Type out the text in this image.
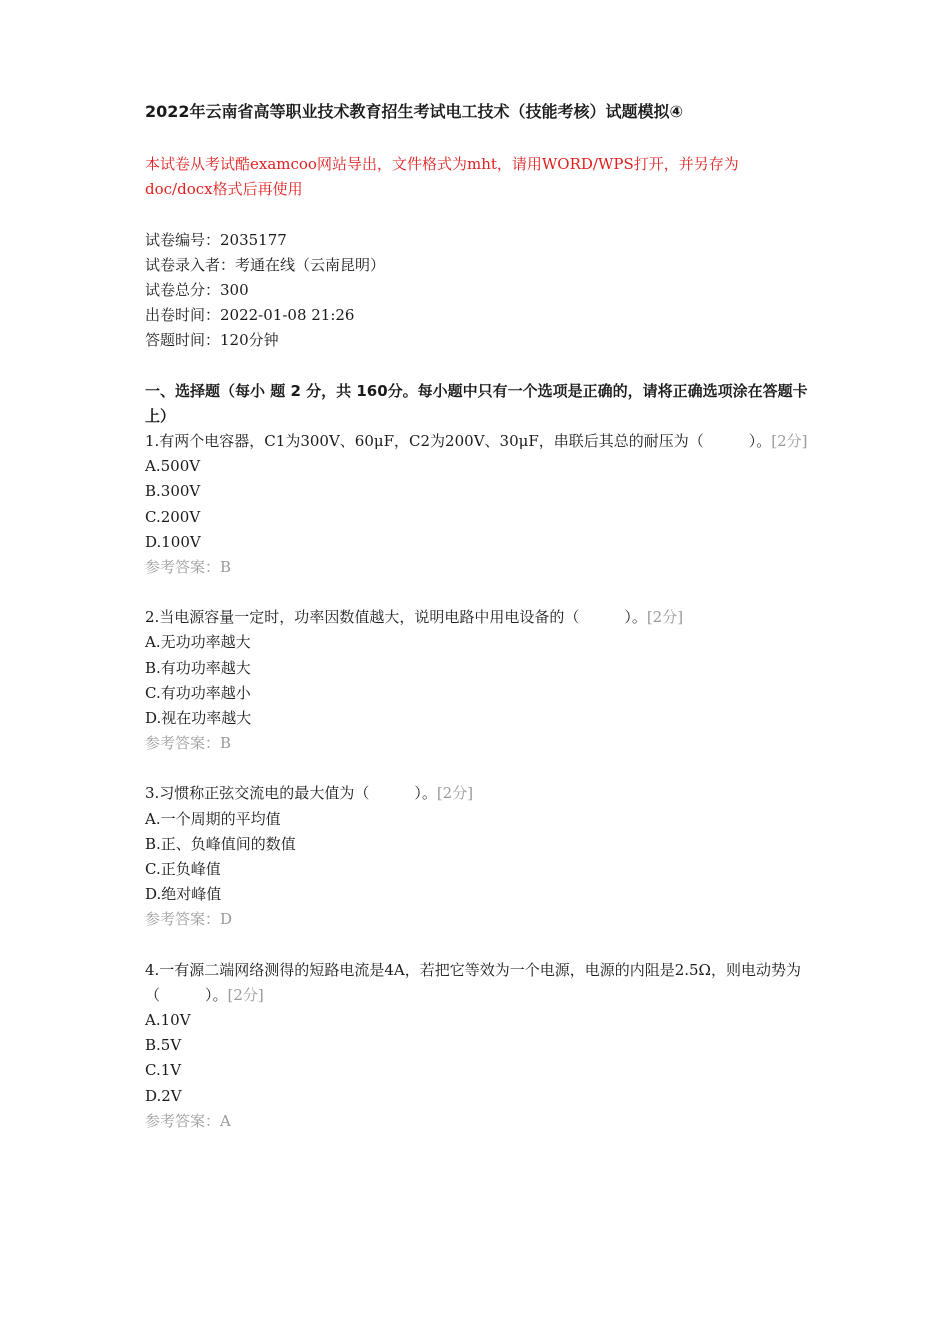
2022年云南省高等职业技术教育招生考试电工技术（技能考核）试题模拟④

本试卷从考试酷examcoo网站导出，文件格式为mht，请用WORD/WPS打开，并另存为doc/docx格式后再使用

试卷编号：2035177
试卷录入者：考通在线（云南昆明）
试卷总分：300
出卷时间：2022-01-08 21:26
答题时间：120分钟
一、选择题（每小 题 2 分，共 160分。每小题中只有一个选项是正确的，请将正确选项涂在答题卡上）

1.有两个电容器，C1为300V、60μF，C2为200V、30μF，串联后其总的耐压为（　　　）。[2分]

A.500V
B.300V
C.200V
D.100V

参考答案：B

2.当电源容量一定时，功率因数值越大，说明电路中用电设备的（　　　）。[2分]

A.无功功率越大
B.有功功率越大
C.有功功率越小
D.视在功率越大

参考答案：B

3.习惯称正弦交流电的最大值为（　　　）。[2分]

A.一个周期的平均值
B.正、负峰值间的数值
C.正负峰值
D.绝对峰值

参考答案：D

4.一有源二端网络测得的短路电流是4A，若把它等效为一个电源，电源的内阻是2.5Ω，则电动势为（　　　）。[2分]

A.10V
B.5V
C.1V
D.2V

参考答案：A
